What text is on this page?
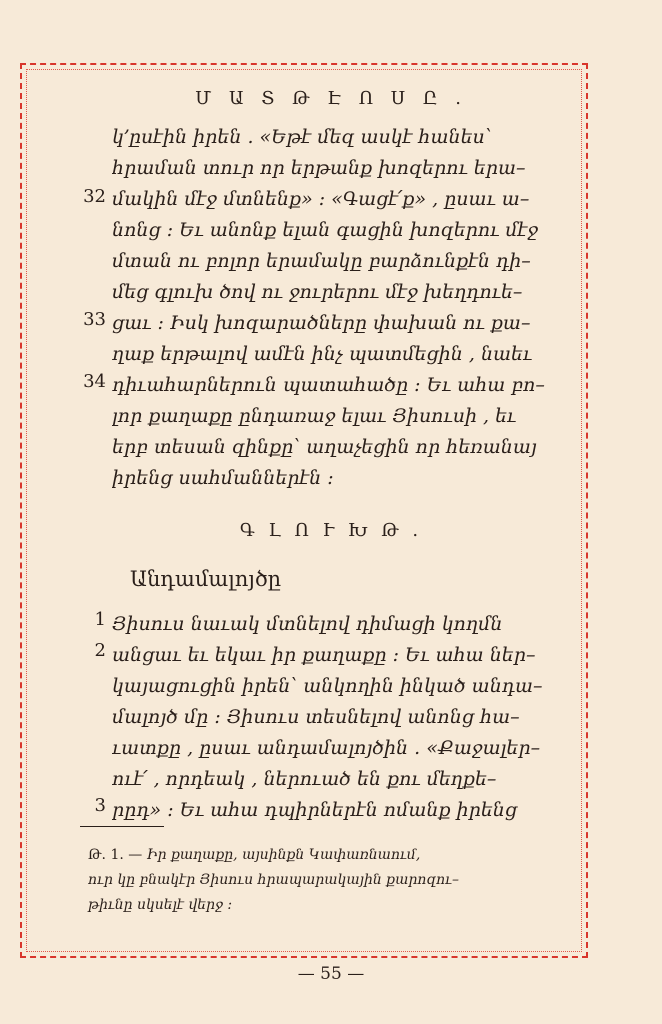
Մ Ա Տ Թ Է Ո Ս Ը .
կ՚ըսէին իրեն . «Եթէ մեզ ասկէ հանես՝
հրաման տուր որ երթանք խոզերու երա–
մակին մէջ մտնենք» : «Գացէ՛ք» , ըսաւ ա–
նոնց : Եւ անոնք ելան գացին խոզերու մէջ
մտան ու բոլոր երամակը բարձունքէն դի–
մեց գլուխ ծով ու ջուրերու մէջ խեղդուե–
ցաւ : Իսկ խոզարածները փախան ու քա–
ղաք երթալով ամէն ինչ պատմեցին , նաեւ
դիւահարներուն պատահածը : Եւ ահա բո–
լոր քաղաքը ընդառաջ ելաւ Յիսուսի , եւ
երբ տեսան զինքը՝ աղաչեցին որ հեռանայ
իրենց սահմաններէն :
32
33
34
Գ Լ Ո Ւ Խ Թ .
Անդամալոյծը
Յիսուս նաւակ մտնելով դիմացի կողմն
անցաւ եւ եկաւ իր քաղաքը : Եւ ահա ներ–
կայացուցին իրեն՝ անկողին ինկած անդա–
մալոյծ մը : Յիսուս տեսնելով անոնց հա–
ւատքը , ըսաւ անդամալոյծին . «Քաջալեր–
ուէ՛ , որդեակ , ներուած են քու մեղքե–
րըդ» : Եւ ահա դպիրներէն ոմանք իրենց
1
2
3
Թ. 1. — Իր քաղաքը, այսինքն Կափառնաում,
ուր կը բնակէր Յիսուս հրապարակային քարոզու–
թիւնը սկսելէ վերջ :
— 55 —
